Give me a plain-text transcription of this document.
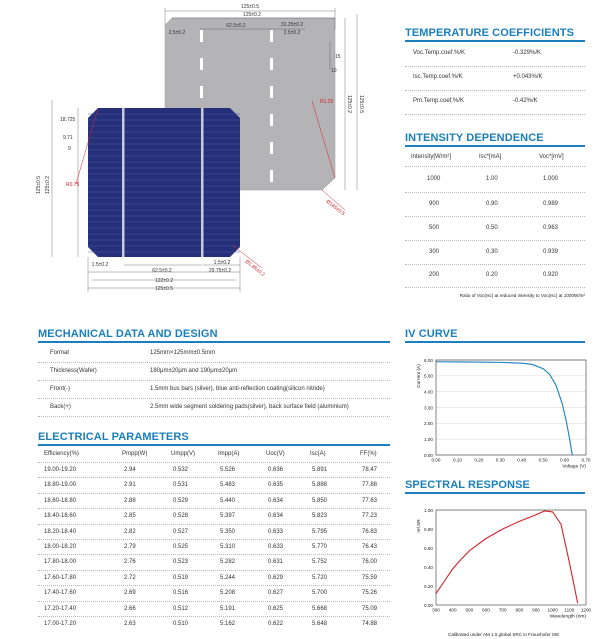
125±0.5
125±0.2
62.5±0.2	31.25±0.2
2.5±0.2	2.5±0.2
15
10
R1.25	125±0.2 125±0.5
18.725
9.71
9
R0.75
125±0.2
125±0.5
1.5±0.2	1.5±0.2
62.5±0.2	29.75±0.2
122±0.2
125±0.5
Ø165±0.5
Ø1.65±0.2
TEMPERATURE COEFFICIENTS
Voc.Temp.coef.%/K	-0.329%/K
Isc.Temp.coef.%/K	+0.043%/K
Pm.Temp.coef.%/K	-0.42%/K
INTENSITY DEPENDENCE
Intensity[W/m²]	Isc*[mA]	Voc*[mV]
1000	1.00	1.000
900	0.90	0.989
500	0.50	0.963
300	0.30	0.939
200	0.20	0.920
Ratio of Voc(Isc) at reduced intensity to Voc(Isc) at 1000W/m²
MECHANICAL DATA AND DESIGN
Format	125mm×125mm±0.5mm
Thickness(Wafer)	180μm±20μm and 190μm±20μm
Front(-)	1.5mm bus bars (silver), blue anti-reflection coating(silicon nitride)
Back(+)	2.5mm wide segment soldering pads(silver), back surface field (aluminium)
ELECTRICAL PARAMETERS
Efficiency(%)	Pmpp(W)	Umpp(V)	Impp(A)	Uoc(V)	Isc(A)	FF(%)
19.00-19.20	2.94	0.532	5.526	0.636	5.891	78.47
18.80-19.00	2.91	0.531	5.483	0.635	5.888	77.88
18.60-18.80	2.88	0.529	5.440	0.634	5.850	77.63
18.40-18.60	2.85	0.528	5.397	0.634	5.823	77.23
18.20-18.40	2.82	0.527	5.350	0.633	5.795	76.83
18.00-18.20	2.79	0.525	5.310	0.633	5.770	76.43
17.80-18.00	2.76	0.523	5.282	0.631	5.752	76.00
17.60-17.80	2.72	0.519	5.244	0.629	5.720	75.59
17.40-17.60	2.69	0.516	5.208	0.627	5.700	75.26
17.20-17.40	2.66	0.512	5.191	0.625	5.668	75.09
17.00-17.20	2.63	0.510	5.162	0.622	5.648	74.88
IV CURVE
0.00
1.00
2.00
3.00
4.00
5.00
6.00
0.00	0.10	0.20	0.30	0.40	0.50	0.60	0.70
Voltage (V)
Current (A)
SPECTRAL RESPONSE
0.00
0.20
0.40
0.60
0.80
1.00
300 400 500 600 700 800 900 1000 1100 1200
Wavelength (nm)
rel.SR
Calibrated under AM 1.5 global SRC in Fraunhofer ISE
